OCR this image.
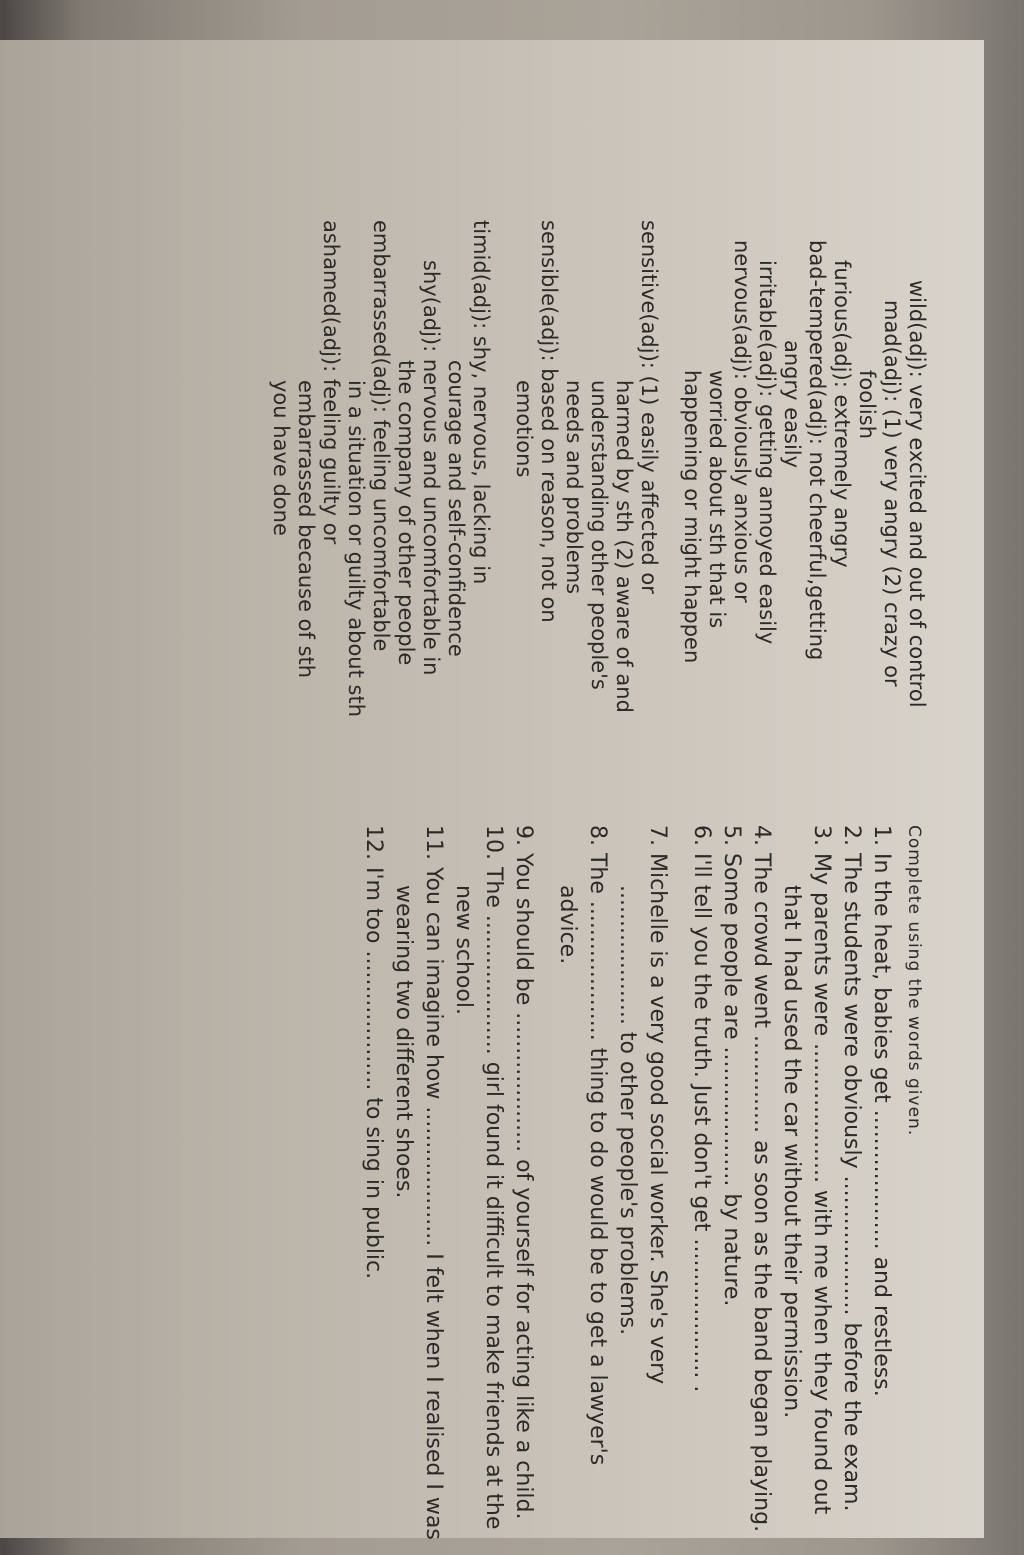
wild(adj): very excited and out of control
mad(adj): (1) very angry (2) crazy or
foolish
furious(adj): extremely angry
bad-tempered(adj): not cheerful,getting
angry easily
irritable(adj): getting annoyed easily
nervous(adj): obviously anxious or
worried about sth that is
happening or might happen
sensitive(adj): (1) easily affected or
harmed by sth (2) aware of and
understanding other people's
needs and problems
sensible(adj): based on reason, not on
emotions
timid(adj): shy, nervous, lacking in
courage and self-confidence
shy(adj): nervous and uncomfortable in
the company of other people
embarrassed(adj): feeling uncomfortable
in a situation or guilty about sth
ashamed(adj): feeling guilty or
embarrassed because of sth
you have done
Complete using the words given.
1. In the heat, babies get .................... and restless.
2. The students were obviously .................... before the exam.
3. My parents were .................... with me when they found out
that I had used the car without their permission.
4. The crowd went .............. as soon as the band began playing.
5. Some people are .................... by nature.
6. I'll tell you the truth. Just don't get .................... .
7. Michelle is a very good social worker. She's very
.................... to other people's problems.
8. The .................... thing to do would be to get a lawyer's
advice.
9. You should be .................... of yourself for acting like a child.
10. The .................... girl found it difficult to make friends at the
new school.
11. You can imagine how .................... I felt when I realised I was
wearing two different shoes.
12. I'm too .................... to sing in public.
